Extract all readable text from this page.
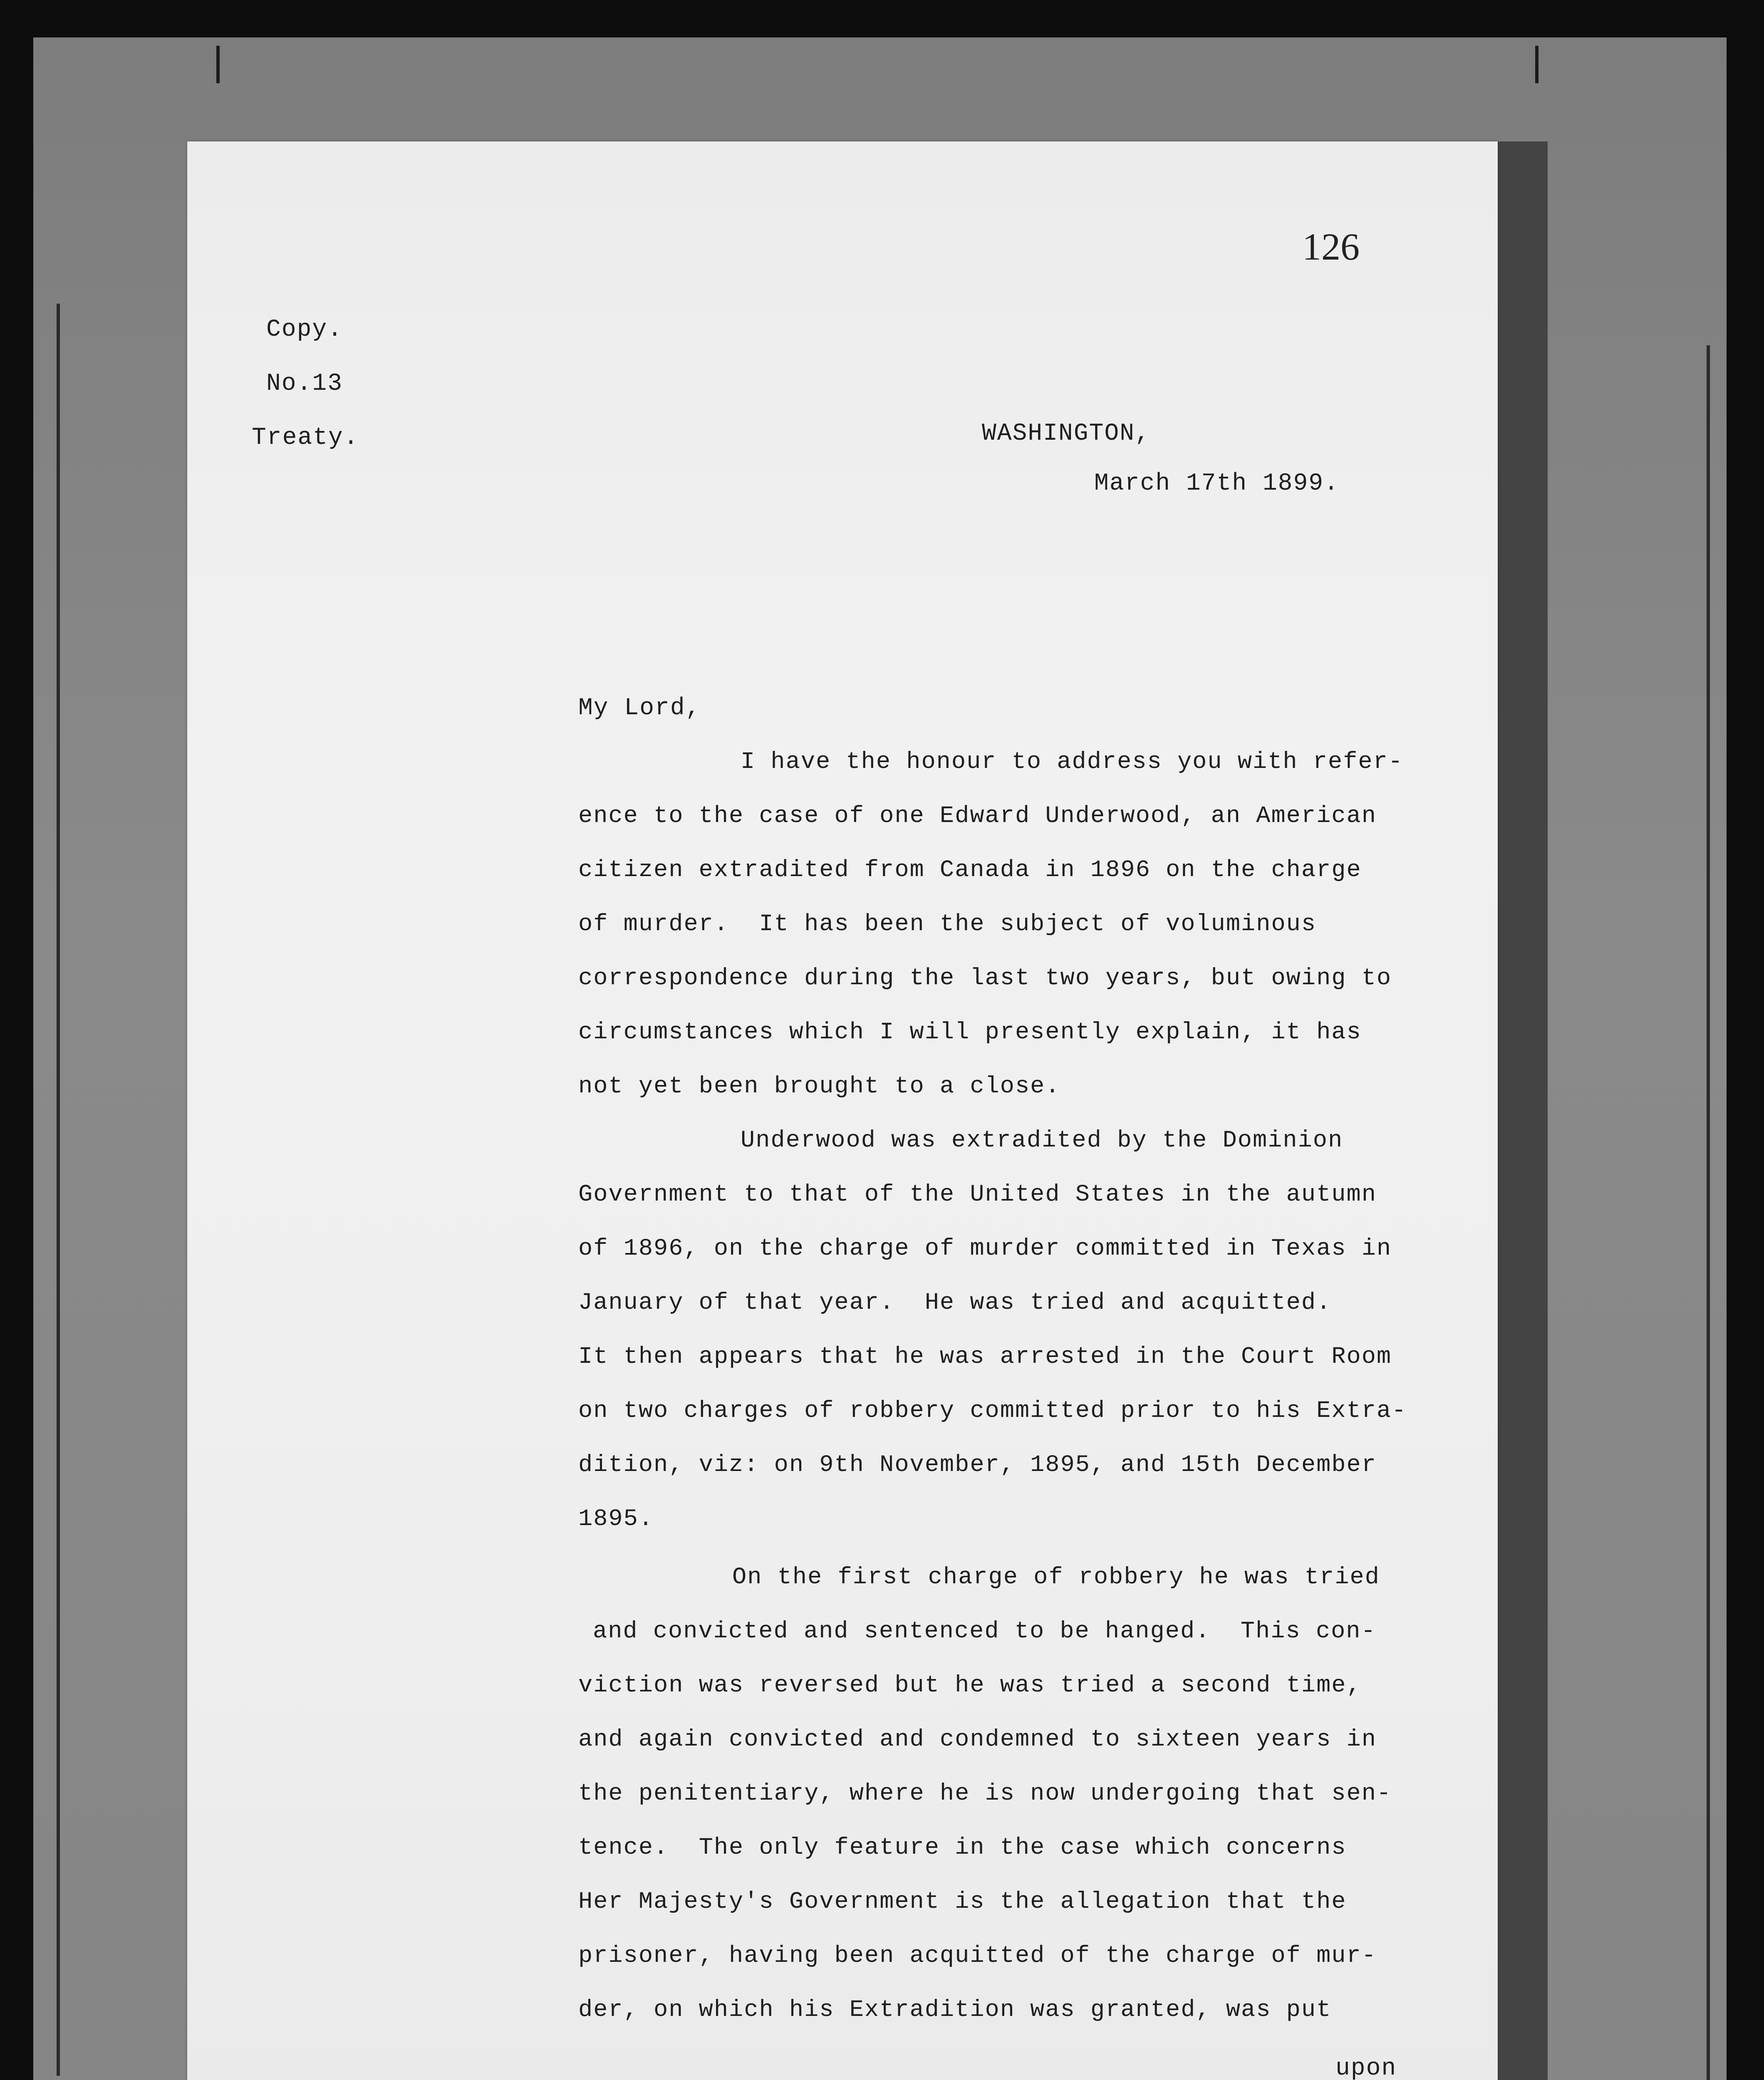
126

Copy.

No.13

Treaty.	WASHINGTON,

March 17th 1899.

My Lord,

I have the honour to address you with refer-

ence to the case of one Edward Underwood, an American

citizen extradited from Canada in 1896 on the charge

of murder.  It has been the subject of voluminous

correspondence during the last two years, but owing to

circumstances which I will presently explain, it has

not yet been brought to a close.

Underwood was extradited by the Dominion

Government to that of the United States in the autumn

of 1896, on the charge of murder committed in Texas in

January of that year.  He was tried and acquitted.

It then appears that he was arrested in the Court Room

on two charges of robbery committed prior to his Extra-

dition, viz: on 9th November, 1895, and 15th December

1895.

On the first charge of robbery he was tried

and convicted and sentenced to be hanged.  This con-

viction was reversed but he was tried a second time,

and again convicted and condemned to sixteen years in

the penitentiary, where he is now undergoing that sen-

tence.  The only feature in the case which concerns

Her Majesty's Government is the allegation that the

prisoner, having been acquitted of the charge of mur-

der, on which his Extradition was granted, was put

upon
